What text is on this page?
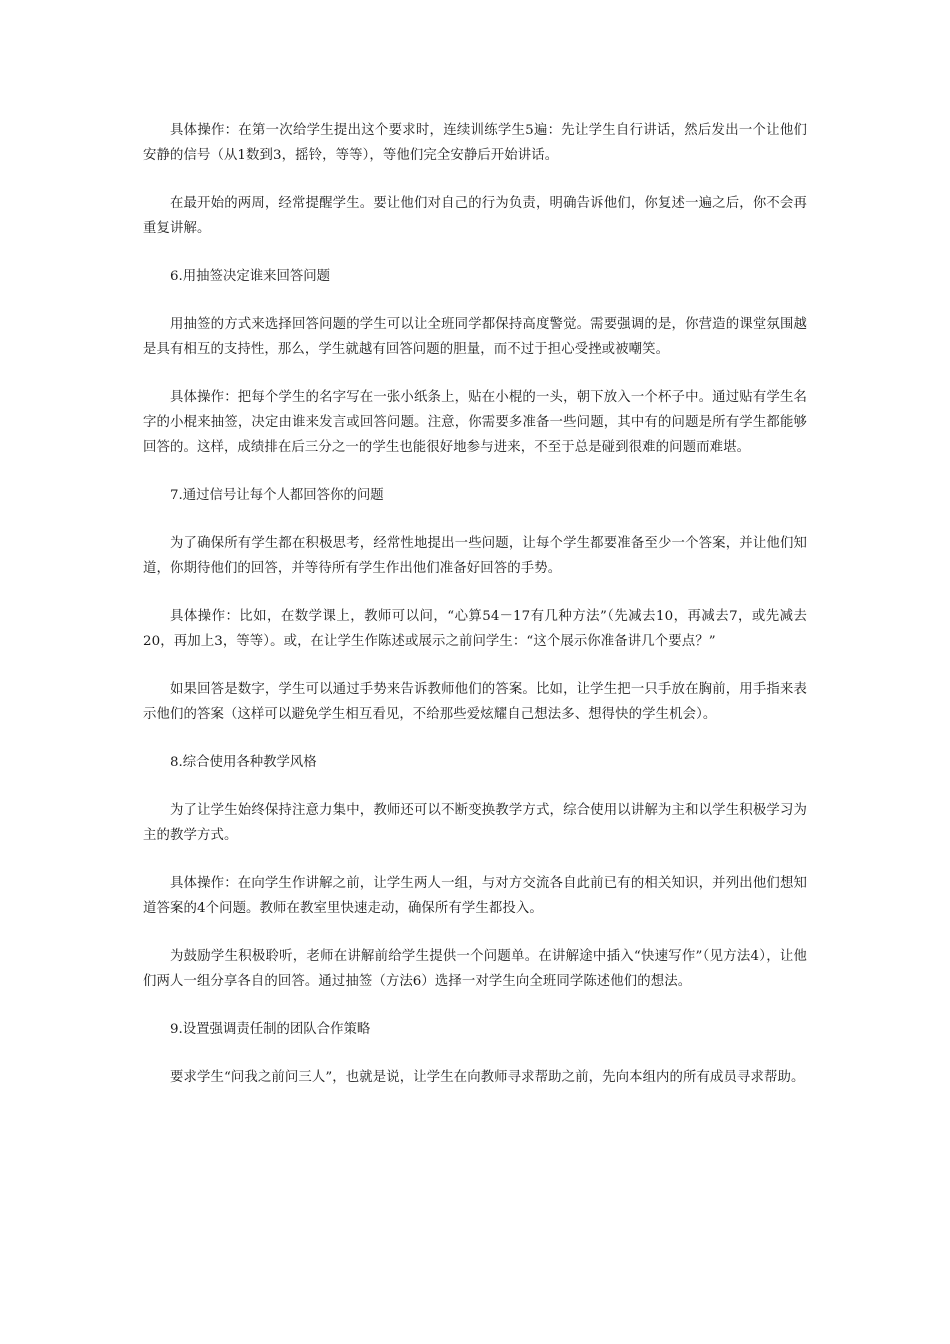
具体操作：在第一次给学生提出这个要求时，连续训练学生5遍：先让学生自行讲话，然后发出一个让他们安静的信号（从1数到3，摇铃，等等），等他们完全安静后开始讲话。

在最开始的两周，经常提醒学生。要让他们对自己的行为负责，明确告诉他们，你复述一遍之后，你不会再重复讲解。

6.用抽签决定谁来回答问题

用抽签的方式来选择回答问题的学生可以让全班同学都保持高度警觉。需要强调的是，你营造的课堂氛围越是具有相互的支持性，那么，学生就越有回答问题的胆量，而不过于担心受挫或被嘲笑。

具体操作：把每个学生的名字写在一张小纸条上，贴在小棍的一头，朝下放入一个杯子中。通过贴有学生名字的小棍来抽签，决定由谁来发言或回答问题。注意，你需要多准备一些问题，其中有的问题是所有学生都能够回答的。这样，成绩排在后三分之一的学生也能很好地参与进来，不至于总是碰到很难的问题而难堪。

7.通过信号让每个人都回答你的问题

为了确保所有学生都在积极思考，经常性地提出一些问题，让每个学生都要准备至少一个答案，并让他们知道，你期待他们的回答，并等待所有学生作出他们准备好回答的手势。

具体操作：比如，在数学课上，教师可以问，“心算54－17有几种方法”（先减去10，再减去7，或先减去20，再加上3，等等）。或，在让学生作陈述或展示之前问学生：“这个展示你准备讲几个要点？”

如果回答是数字，学生可以通过手势来告诉教师他们的答案。比如，让学生把一只手放在胸前，用手指来表示他们的答案（这样可以避免学生相互看见，不给那些爱炫耀自己想法多、想得快的学生机会）。

8.综合使用各种教学风格

为了让学生始终保持注意力集中，教师还可以不断变换教学方式，综合使用以讲解为主和以学生积极学习为主的教学方式。

具体操作：在向学生作讲解之前，让学生两人一组，与对方交流各自此前已有的相关知识，并列出他们想知道答案的4个问题。教师在教室里快速走动，确保所有学生都投入。

为鼓励学生积极聆听，老师在讲解前给学生提供一个问题单。在讲解途中插入“快速写作”（见方法4），让他们两人一组分享各自的回答。通过抽签（方法6）选择一对学生向全班同学陈述他们的想法。

9.设置强调责任制的团队合作策略

要求学生“问我之前问三人”，也就是说，让学生在向教师寻求帮助之前，先向本组内的所有成员寻求帮助。
